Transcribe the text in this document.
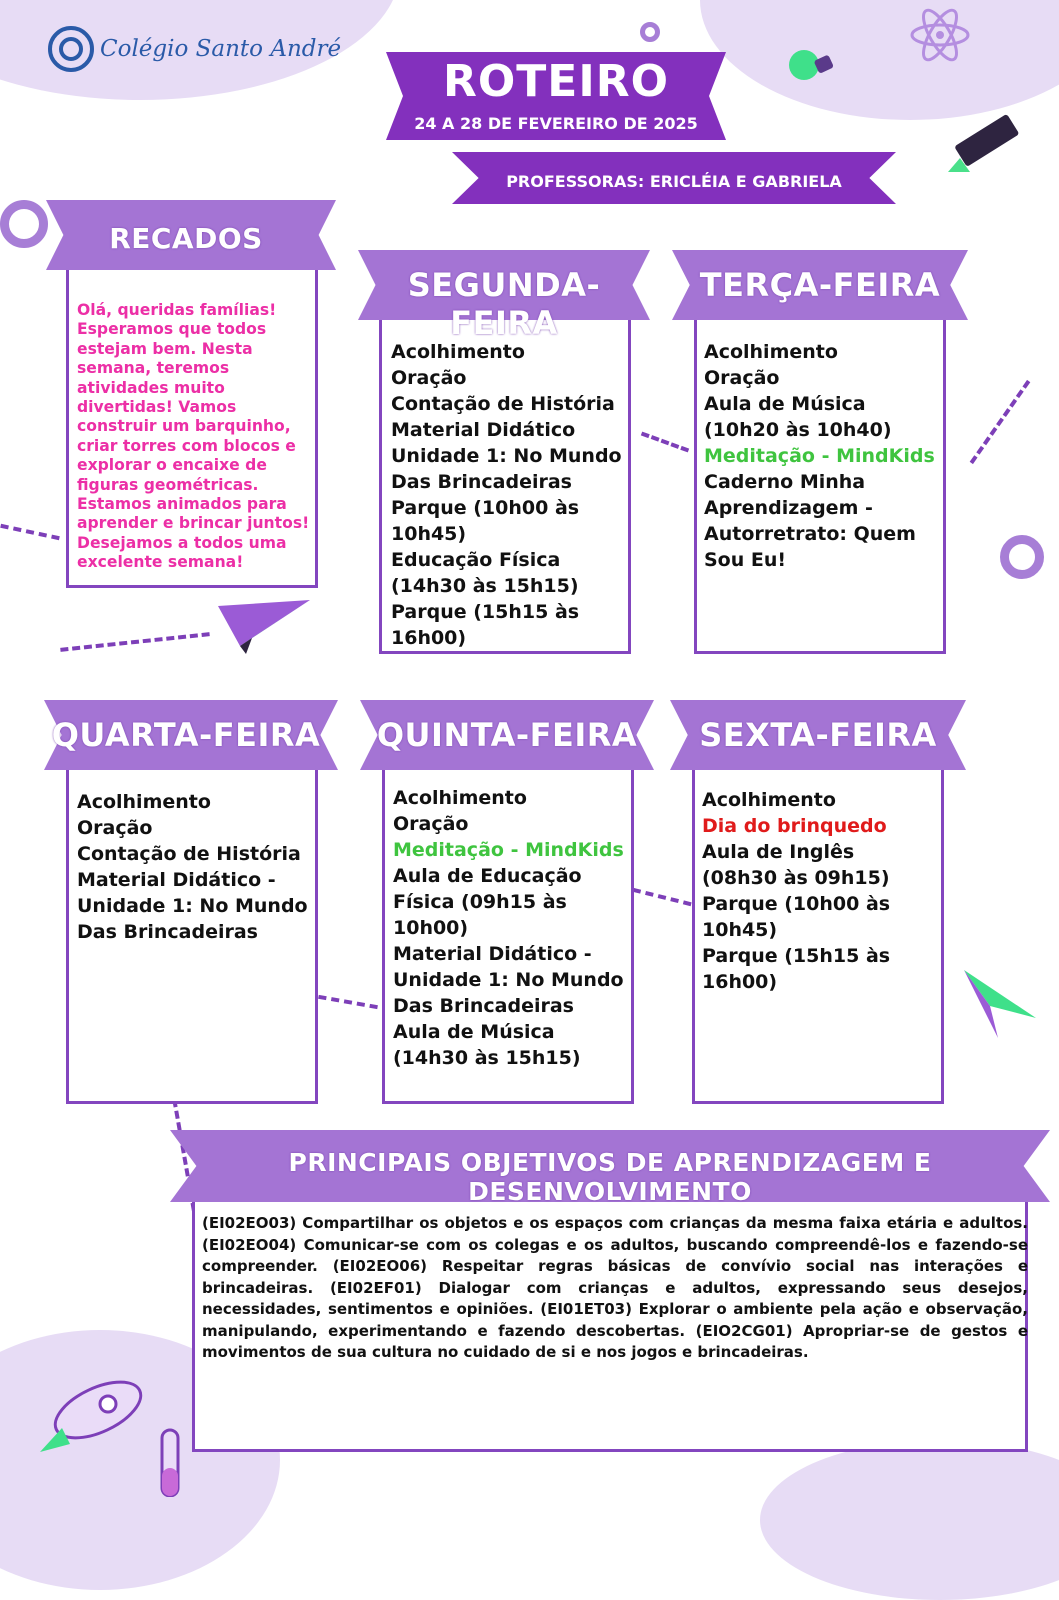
Colégio Santo André
ROTEIRO
24 A 28 DE FEVEREIRO DE 2025
PROFESSORAS: ERICLÉIA E GABRIELA
Olá, queridas famílias! Esperamos que todos estejam bem. Nesta semana, teremos atividades muito divertidas! Vamos construir um barquinho, criar torres com blocos e explorar o encaixe de figuras geométricas. Estamos animados para aprender e brincar juntos! Desejamos a todos uma excelente semana!
RECADOS
Acolhimento
Oração
Contação de História
Material Didático
Unidade 1: No Mundo
Das Brincadeiras
Parque (10h00 às
10h45)
Educação Física
(14h30 às 15h15)
Parque (15h15 às
16h00)
SEGUNDA-FEIRA
Acolhimento
Oração
Aula de Música
(10h20 às 10h40)
Meditação - MindKids
Caderno Minha
Aprendizagem -
Autorretrato: Quem
Sou Eu!
TERÇA-FEIRA
Acolhimento
Oração
Contação de História
Material Didático -
Unidade 1: No Mundo
Das Brincadeiras
QUARTA-FEIRA
Acolhimento
Oração
Meditação - MindKids
Aula de Educação
Física (09h15 às
10h00)
Material Didático -
Unidade 1: No Mundo
Das Brincadeiras
Aula de Música
(14h30 às 15h15)
QUINTA-FEIRA
Acolhimento
Dia do brinquedo
Aula de Inglês
(08h30 às 09h15)
Parque (10h00 às
10h45)
Parque (15h15 às
16h00)
SEXTA-FEIRA
(EI02EO03) Compartilhar os objetos e os espaços com crianças da mesma faixa etária e adultos. (EI02EO04) Comunicar-se com os colegas e os adultos, buscando compreendê-los e fazendo-se compreender. (EI02EO06) Respeitar regras básicas de convívio social nas interações e brincadeiras. (EI02EF01) Dialogar com crianças e adultos, expressando seus desejos, necessidades, sentimentos e opiniões. (EI01ET03) Explorar o ambiente pela ação e observação, manipulando, experimentando e fazendo descobertas. (EIO2CG01) Apropriar-se de gestos e movimentos de sua cultura no cuidado de si e nos jogos e brincadeiras.
PRINCIPAIS OBJETIVOS DE APRENDIZAGEM E DESENVOLVIMENTO
